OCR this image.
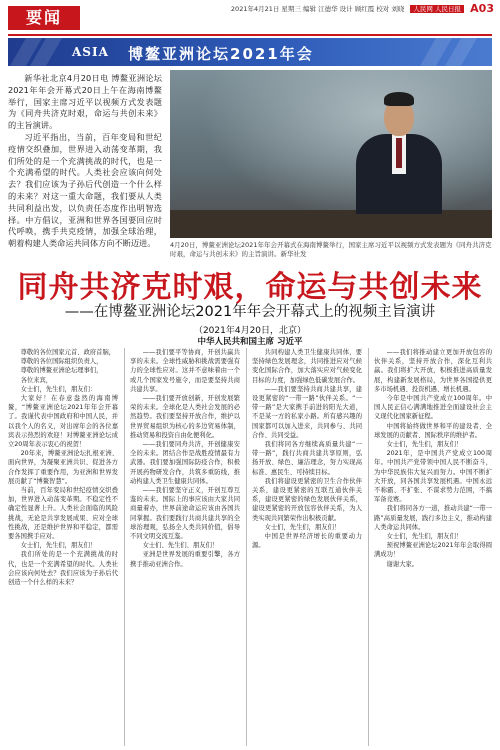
要闻	2021年4月21日 星期三 编辑 江德华 设计 顾红霞 校对 刘晓 人民网 人民日报 A03
ASIA 博鳌亚洲论坛2021年会

新华社北京4月20日电 博鳌亚洲论坛2021年年会开幕式20日上午在海南博鳌举行，国家主席习近平以视频方式发表题为《同舟共济克时艰，命运与共创未来》的主旨演讲。

习近平指出，当前，百年变局和世纪疫情交织叠加，世界进入动荡变革期，我们所处的是一个充满挑战的时代，也是一个充满希望的时代。人类社会应该向何处去？我们应该为子孙后代创造一个什么样的未来？对这一重大命题，我们要从人类共同利益出发，以负责任态度作出明智选择。中方倡议，亚洲和世界各国要回应时代呼唤，携手共克疫情，加强全球治理，朝着构建人类命运共同体方向不断迈进。	4月20日，博鳌亚洲论坛2021年年会开幕式在海南博鳌举行，国家主席习近平以视频方式发表题为《同舟共济克时艰，命运与共创未来》的主旨演讲。新华社发
同舟共济克时艰，命运与共创未来
——在博鳌亚洲论坛2021年年会开幕式上的视频主旨演讲
（2021年4月20日，北京）
中华人民共和国主席 习近平

尊敬的各位国家元首、政府首脑，

尊敬的各位国际组织负责人，

尊敬的博鳌亚洲论坛理事们，

各位来宾，

女士们，先生们，朋友们：

大家好！在春意盎然的海南博鳌，“博鳌亚洲论坛2021年年会开幕了。我谨代表中国政府和中国人民，并以我个人的名义，对出席年会的各位嘉宾表示热烈的欢迎！对博鳌亚洲论坛成立20周年表示衷心的祝贺！

20年来，博鳌亚洲论坛扎根亚洲、面向世界，为凝聚亚洲共识、促进各方合作发挥了重要作用，为亚洲和世界发展贡献了“博鳌智慧”。

当前，百年变局和世纪疫情交织叠加，世界进入动荡变革期。不稳定性不确定性显著上升。人类社会面临的风险挑战，无论是共享发展成果、应对全球性挑战，还是维护世界和平稳定，都需要各国携手应对。

女士们，先生们，朋友们！

我们所处的是一个充满挑战的时代，也是一个充满希望的时代。人类社会应该向何处去？我们应该为子孙后代创造一个什么样的未来？

——我们要平等协商，开创共赢共享的未来。全球性威胁和挑战需要强有力的全球性应对。这并不意味着由一个或几个国家发号施令，而是要坚持共商共建共享。

——我们要开放创新，开创发展繁荣的未来。全球化是人类社会发展的必然趋势。我们要坚持开放合作，维护以世界贸易组织为核心的多边贸易体制，推动贸易和投资自由化便利化。

——我们要同舟共济，开创健康安全的未来。团结合作是战胜疫情最有力武器。我们要加强国际防疫合作，积极开展药物研发合作，共筑多重防线，推动构建人类卫生健康共同体。

——我们要坚守正义，开创互尊互鉴的未来。国际上的事应该由大家共同商量着办，世界前途命运应该由各国共同掌握。我们要践行共商共建共享的全球治理观，弘扬全人类共同价值，倡导不同文明交流互鉴。

女士们、先生们、朋友们！

亚洲是世界发展的重要引擎，各方携手推动亚洲合作。

共同构建人类卫生健康共同体，要坚持绿色发展理念，共同推进应对气候变化国际合作，加大落实应对气候变化目标的力度，加强绿色低碳发展合作。

——我们要坚持共商共建共享，建设更紧密的“一带一路”伙伴关系。“一带一路”是大家携手前进的阳光大道，不是某一方的私家小路。所有感兴趣的国家都可以加入进来，共同参与、共同合作、共同受益。

我们将同各方继续高质量共建“一带一路”，践行共商共建共享原则，弘扬开放、绿色、廉洁理念，努力实现高标准、惠民生、可持续目标。

我们将建设更紧密的卫生合作伙伴关系，建设更紧密的互联互通伙伴关系，建设更紧密的绿色发展伙伴关系，建设更紧密的开放包容伙伴关系，为人类实现共同繁荣作出积极贡献。

女士们，先生们，朋友们！

中国是世界经济增长的重要动力源。

——我们将推动建立更加开放包容的伙伴关系，坚持开放合作，深化互利共赢。我们将扩大开放，积极推进高质量发展，构建新发展格局，为世界各国提供更多市场机遇、投资机遇、增长机遇。

今年是中国共产党成立100周年。中国人民正信心满满地推进全面建设社会主义现代化国家新征程。

中国将始终做世界和平的建设者、全球发展的贡献者、国际秩序的维护者。

女士们，先生们，朋友们！

2021年，是中国共产党成立100周年。中国共产党带领中国人民不断奋斗，为中华民族伟大复兴而努力。中国不断扩大开放，同各国共享发展机遇。中国永远不称霸、不扩张、不谋求势力范围，不搞军备竞赛。

我们将同各方一道，推动共建“一带一路”高质量发展，践行多边主义，推动构建人类命运共同体。

女士们，先生们，朋友们！

预祝博鳌亚洲论坛2021年年会取得圆满成功！

谢谢大家。
